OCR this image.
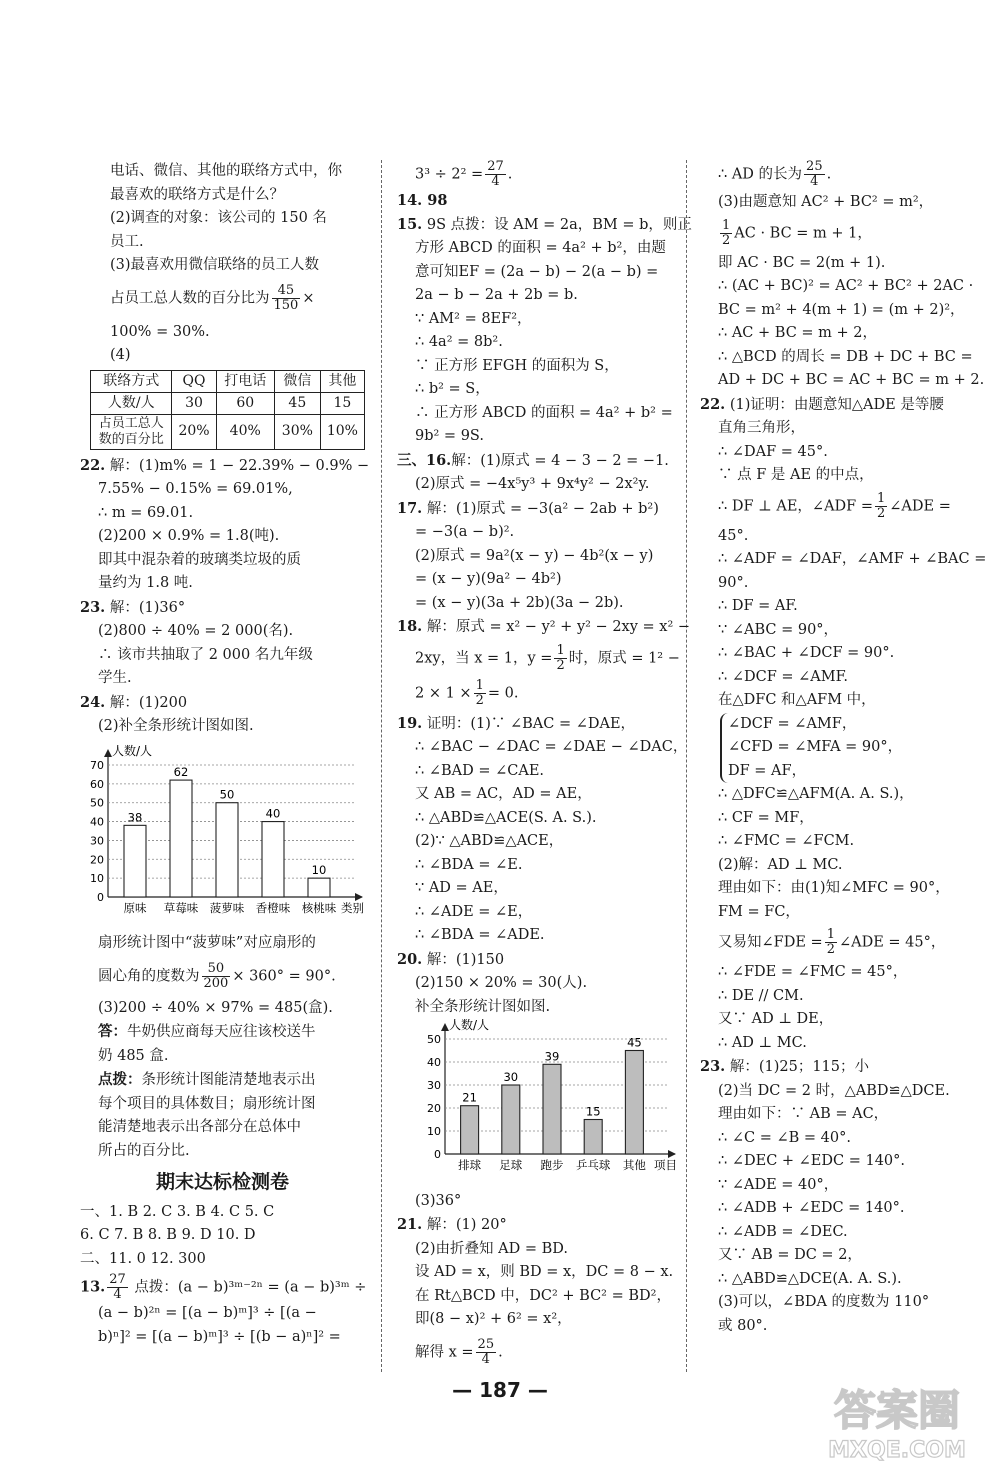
电话、微信、其他的联络方式中，你
最喜欢的联络方式是什么？
(2)调查的对象：该公司的 150 名
员工.
(3)最喜欢用微信联络的员工人数
占员工总人数的百分比为 $\frac{45}{150}$ ×
100% = 30%.
(4)
联络方式	QQ	打电话	微信	其他
人数/人	30	60	45	15
占员工总人数的百分比	20%	40%	30%	10%
22. 解：(1)m% = 1 − 22.39% − 0.9% −
7.55% − 0.15% = 69.01%,
∴ m = 69.01.
(2)200 × 0.9% = 1.8(吨).
即其中混杂着的玻璃类垃圾的质
量约为 1.8 吨.
23. 解：(1)36°
(2)800 ÷ 40% = 2 000(名).
∴ 该市共抽取了 2 000 名九年级
学生.
24. 解：(1)200
(2)补全条形统计图如图.
人数/人
0
10
20
30
40
50
60
70
38
原味
62
草莓味
50
菠萝味
40
香橙味
10
核桃味 类别
扇形统计图中“菠萝味”对应扇形的
圆心角的度数为 $\frac{50}{200} \times 360^\circ = 90^\circ$.
(3)200 ÷ 40% × 97% = 485(盒).
答：牛奶供应商每天应往该校送牛
奶 485 盒.
点拨：条形统计图能清楚地表示出
每个项目的具体数目；扇形统计图
能清楚地表示出各部分在总体中
所占的百分比.
期末达标检测卷
一、1. B 2. C 3. B 4. C 5. C
6. C 7. B 8. B 9. D 10. D
二、11. 0 12. 300
13. $\frac{27}{4}$ 点拨：(a − b)³ᵐ⁻²ⁿ = (a − b)³ᵐ ÷
(a − b)²ⁿ = [(a − b)ᵐ]³ ÷ [(a −
b)ⁿ]² = [(a − b)ᵐ]³ ÷ [(b − a)ⁿ]² =
$3^3 \div 2^2 = \frac{27}{4}$ .
14. 98
15. 9S 点拨：设 AM = 2a，BM = b，则正
方形 ABCD 的面积 = 4a² + b²，由题
意可知EF = (2a − b) − 2(a − b) =
2a − b − 2a + 2b = b.
∵ AM² = 8EF²，
∴ 4a² = 8b².
∵ 正方形 EFGH 的面积为 S，
∴ b² = S，
∴ 正方形 ABCD 的面积 = 4a² + b² =
9b² = 9S.
三、16.解：(1)原式 = 4 − 3 − 2 = −1.
(2)原式 = −4x⁵y³ + 9x⁴y² − 2x²y.
17. 解：(1)原式 = −3(a² − 2ab + b²)
= −3(a − b)².
(2)原式 = 9a²(x − y) − 4b²(x − y)
= (x − y)(9a² − 4b²)
= (x − y)(3a + 2b)(3a − 2b).
18. 解：原式 = x² − y² + y² − 2xy = x² −
2xy，当 x = 1，$y = \frac{1}{2}$ 时，原式 = 1² −
$2 \times 1 \times \frac{1}{2} = 0$.
19. 证明：(1)∵ ∠BAC = ∠DAE，
∴ ∠BAC − ∠DAC = ∠DAE − ∠DAC，
∴ ∠BAD = ∠CAE.
又 AB = AC，AD = AE，
∴ △ABD≌△ACE(S. A. S.).
(2)∵ △ABD≌△ACE，
∴ ∠BDA = ∠E.
∵ AD = AE，
∴ ∠ADE = ∠E，
∴ ∠BDA = ∠ADE.
20. 解：(1)150
(2)150 × 20% = 30(人).
补全条形统计图如图.
人数/人
0
10
20
30
40
50
21
排球
30
足球
39
跑步
15
乒乓球
45
其他 项目
(3)36°
21. 解：(1) 20°
(2)由折叠知 AD = BD.
设 AD = x，则 BD = x，DC = 8 − x.
在 Rt△BCD 中，DC² + BC² = BD²，
即(8 − x)² + 6² = x²，
解得 $x = \frac{25}{4}$ .
∴ AD 的长为 $\frac{25}{4}$ .
(3)由题意知 AC² + BC² = m²，
$\frac{1}{2}$ AC · BC = m + 1，
即 AC · BC = 2(m + 1).
∴ (AC + BC)² = AC² + BC² + 2AC ·
BC = m² + 4(m + 1) = (m + 2)²，
∴ AC + BC = m + 2，
∴ △BCD 的周长 = DB + DC + BC =
AD + DC + BC = AC + BC = m + 2.
22. (1)证明：由题意知△ADE 是等腰
直角三角形，
∴ ∠DAF = 45°.
∵ 点 F 是 AE 的中点，
∴ DF ⊥ AE，∠ADF = $\frac{1}{2}$ ∠ADE =
45°.
∴ ∠ADF = ∠DAF，∠AMF + ∠BAC =
90°.
∴ DF = AF.
∵ ∠ABC = 90°，
∴ ∠BAC + ∠DCF = 90°.
∴ ∠DCF = ∠AMF.
在△DFC 和△AFM 中，
∠DCF = ∠AMF，
∠CFD = ∠MFA = 90°，
DF = AF，
∴ △DFC≌△AFM(A. A. S.)，
∴ CF = MF，
∴ ∠FMC = ∠FCM.
(2)解：AD ⊥ MC.
理由如下：由(1)知∠MFC = 90°，
FM = FC，
又易知∠FDE = $\frac{1}{2}$ ∠ADE = 45°，
∴ ∠FDE = ∠FMC = 45°，
∴ DE // CM.
又∵ AD ⊥ DE，
∴ AD ⊥ MC.
23. 解：(1)25；115；小
(2)当 DC = 2 时，△ABD≌△DCE.
理由如下：∵ AB = AC，
∴ ∠C = ∠B = 40°.
∴ ∠DEC + ∠EDC = 140°.
∵ ∠ADE = 40°，
∴ ∠ADB + ∠EDC = 140°.
∴ ∠ADB = ∠DEC.
又∵ AB = DC = 2，
∴ △ABD≌△DCE(A. A. S.).
(3)可以，∠BDA 的度数为 110°
或 80°.
— 187 —	答案圈
MXQE.COM
